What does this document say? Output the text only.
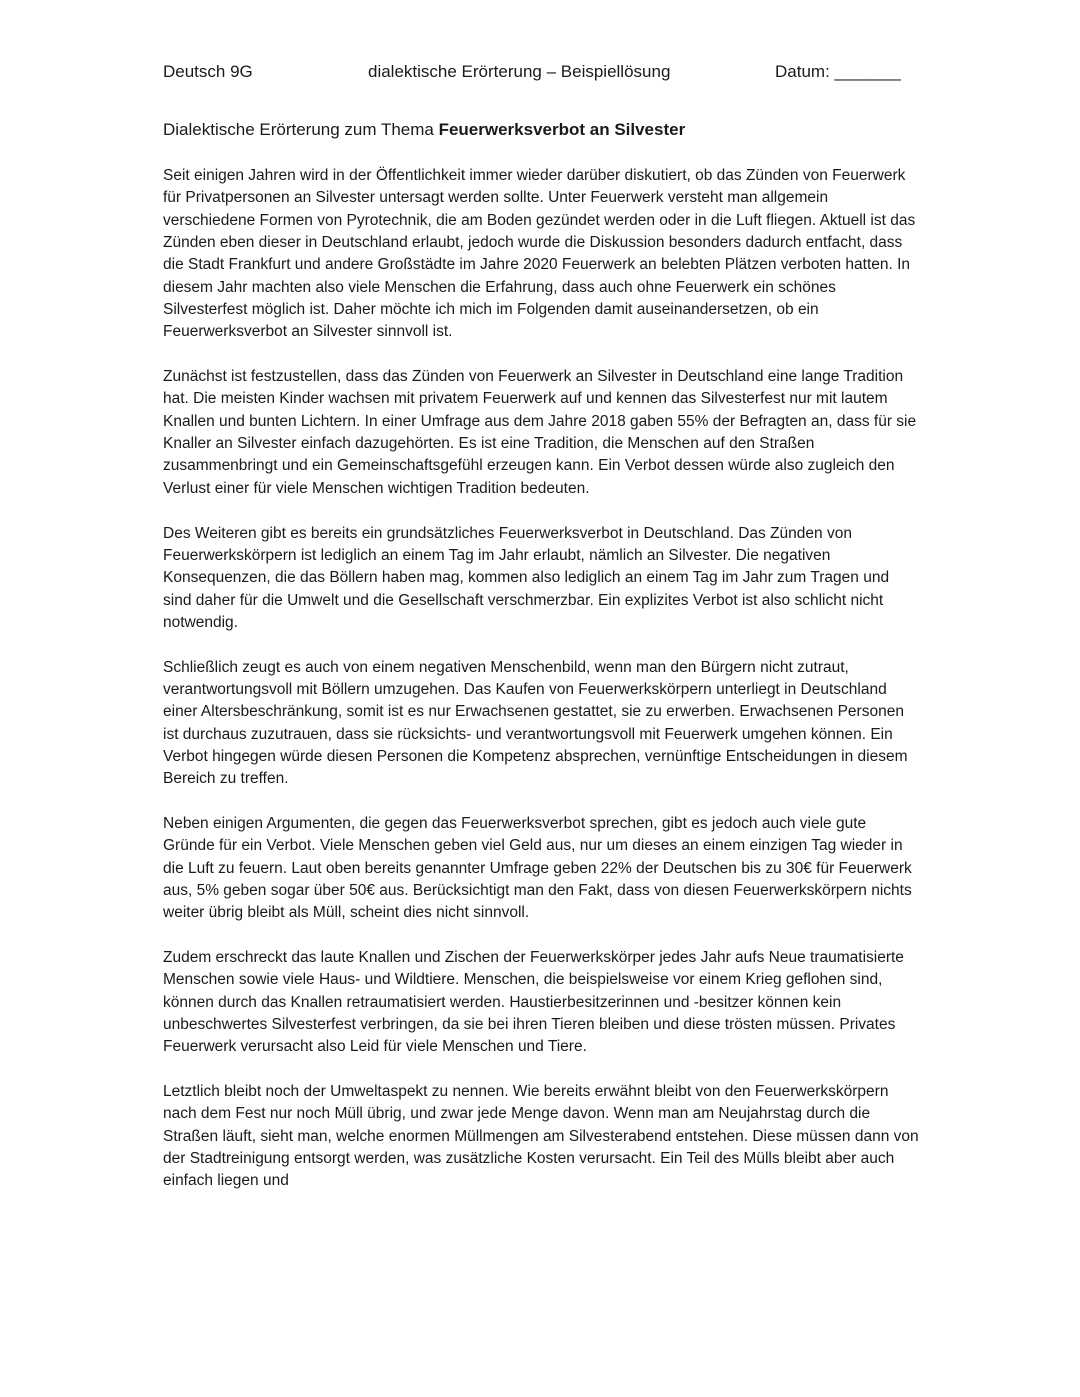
Deutsch 9G	dialektische Erörterung – Beispiellösung	Datum: _______
Dialektische Erörterung zum Thema Feuerwerksverbot an Silvester

Seit einigen Jahren wird in der Öffentlichkeit immer wieder darüber diskutiert, ob das Zünden von Feuerwerk für Privatpersonen an Silvester untersagt werden sollte. Unter Feuerwerk versteht man allgemein verschiedene Formen von Pyrotechnik, die am Boden gezündet werden oder in die Luft fliegen. Aktuell ist das Zünden eben dieser in Deutschland erlaubt, jedoch wurde die Diskussion besonders dadurch entfacht, dass die Stadt Frankfurt und andere Großstädte im Jahre 2020 Feuerwerk an belebten Plätzen verboten hatten. In diesem Jahr machten also viele Menschen die Erfahrung, dass auch ohne Feuerwerk ein schönes Silvesterfest möglich ist. Daher möchte ich mich im Folgenden damit auseinandersetzen, ob ein Feuerwerksverbot an Silvester sinnvoll ist.

Zunächst ist festzustellen, dass das Zünden von Feuerwerk an Silvester in Deutschland eine lange Tradition hat. Die meisten Kinder wachsen mit privatem Feuerwerk auf und kennen das Silvesterfest nur mit lautem Knallen und bunten Lichtern. In einer Umfrage aus dem Jahre 2018 gaben 55% der Befragten an, dass für sie Knaller an Silvester einfach dazugehörten. Es ist eine Tradition, die Menschen auf den Straßen zusammenbringt und ein Gemeinschaftsgefühl erzeugen kann. Ein Verbot dessen würde also zugleich den Verlust einer für viele Menschen wichtigen Tradition bedeuten.

Des Weiteren gibt es bereits ein grundsätzliches Feuerwerksverbot in Deutschland. Das Zünden von Feuerwerkskörpern ist lediglich an einem Tag im Jahr erlaubt, nämlich an Silvester. Die negativen Konsequenzen, die das Böllern haben mag, kommen also lediglich an einem Tag im Jahr zum Tragen und sind daher für die Umwelt und die Gesellschaft verschmerzbar. Ein explizites Verbot ist also schlicht nicht notwendig.

Schließlich zeugt es auch von einem negativen Menschenbild, wenn man den Bürgern nicht zutraut, verantwortungsvoll mit Böllern umzugehen. Das Kaufen von Feuerwerkskörpern unterliegt in Deutschland einer Altersbeschränkung, somit ist es nur Erwachsenen gestattet, sie zu erwerben. Erwachsenen Personen ist durchaus zuzutrauen, dass sie rücksichts- und verantwortungsvoll mit Feuerwerk umgehen können. Ein Verbot hingegen würde diesen Personen die Kompetenz absprechen, vernünftige Entscheidungen in diesem Bereich zu treffen.

Neben einigen Argumenten, die gegen das Feuerwerksverbot sprechen, gibt es jedoch auch viele gute Gründe für ein Verbot. Viele Menschen geben viel Geld aus, nur um dieses an einem einzigen Tag wieder in die Luft zu feuern. Laut oben bereits genannter Umfrage geben 22% der Deutschen bis zu 30€ für Feuerwerk aus, 5% geben sogar über 50€ aus. Berücksichtigt man den Fakt, dass von diesen Feuerwerkskörpern nichts weiter übrig bleibt als Müll, scheint dies nicht sinnvoll.

Zudem erschreckt das laute Knallen und Zischen der Feuerwerkskörper jedes Jahr aufs Neue traumatisierte Menschen sowie viele Haus- und Wildtiere. Menschen, die beispielsweise vor einem Krieg geflohen sind, können durch das Knallen retraumatisiert werden. Haustierbesitzerinnen und -besitzer können kein unbeschwertes Silvesterfest verbringen, da sie bei ihren Tieren bleiben und diese trösten müssen. Privates Feuerwerk verursacht also Leid für viele Menschen und Tiere.

Letztlich bleibt noch der Umweltaspekt zu nennen. Wie bereits erwähnt bleibt von den Feuerwerkskörpern nach dem Fest nur noch Müll übrig, und zwar jede Menge davon. Wenn man am Neujahrstag durch die Straßen läuft, sieht man, welche enormen Müllmengen am Silvesterabend entstehen. Diese müssen dann von der Stadtreinigung entsorgt werden, was zusätzliche Kosten verursacht. Ein Teil des Mülls bleibt aber auch einfach liegen und
